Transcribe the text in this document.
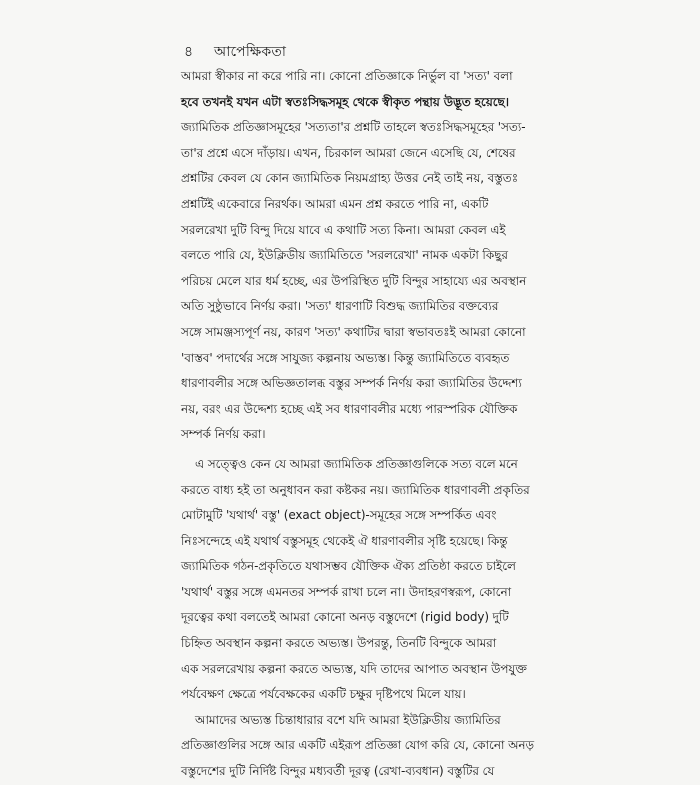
৪ আপেক্ষিকতা
আমরা স্বীকার না করে পারি না। কোনো প্রতিজ্ঞাকে নির্ভুল বা 'সত্য' বলা
হবে তখনই যখন এটা স্বতঃসিদ্ধসমূহ থেকে স্বীকৃত পন্থায় উদ্ভূত হয়েছে।
জ্যামিতিক প্রতিজ্ঞাসমূহের 'সত্যতা'র প্রশ্নটি তাহলে স্বতঃসিদ্ধসমূহের 'সত্য-
তা'র প্রশ্নে এসে দাঁড়ায়। এখন, চিরকাল আমরা জেনে এসেছি যে, শেষের
প্রশ্নটির কেবল যে কোন জ্যামিতিক নিয়মগ্রাহ্য উত্তর নেই তাই নয়, বস্তুতঃ
প্রশ্নটিই একেবারে নিরর্থক। আমরা এমন প্রশ্ন করতে পারি না, একটি
সরলরেখা দুটি বিন্দু দিয়ে যাবে এ কথাটি সত্য কিনা। আমরা কেবল এই
বলতে পারি যে, ইউক্লিডীয় জ্যামিতিতে 'সরলরেখা' নামক একটা কিছুর
পরিচয় মেলে যার ধর্ম হচ্ছে, এর উপরিস্থিত দুটি বিন্দুর সাহায্যে এর অবস্থান
অতি সুষ্ঠুভাবে নির্ণয় করা। 'সত্য' ধারণাটি বিশুদ্ধ জ্যামিতির বক্তব্যের
সঙ্গে সামঞ্জস্যপূর্ণ নয়, কারণ 'সত্য' কথাটির দ্বারা স্বভাবতঃই আমরা কোনো
'বাস্তব' পদার্থের সঙ্গে সাযুজ্য কল্পনায় অভ্যস্ত। কিন্তু জ্যামিতিতে ব্যবহৃত
ধারণাবলীর সঙ্গে অভিজ্ঞতালব্ধ বস্তুর সম্পর্ক নির্ণয় করা জ্যামিতির উদ্দেশ্য
নয়, বরং এর উদ্দেশ্য হচ্ছে এই সব ধারণাবলীর মধ্যে পারস্পরিক যৌক্তিক
সম্পর্ক নির্ণয় করা।
এ সত্ত্বেও কেন যে আমরা জ্যামিতিক প্রতিজ্ঞাগুলিকে সত্য বলে মনে
করতে বাধ্য হই তা অনুধাবন করা কষ্টকর নয়। জ্যামিতিক ধারণাবলী প্রকৃতির
মোটামুটি 'যথার্থ' বস্তু' (exact object)-সমূহের সঙ্গে সম্পর্কিত এবং
নিঃসন্দেহে এই যথার্থ বস্তুসমূহ থেকেই ঐ ধারণাবলীর সৃষ্টি হয়েছে। কিন্তু
জ্যামিতিক গঠন-প্রকৃতিতে যথাসম্ভব যৌক্তিক ঐক্য প্রতিষ্ঠা করতে চাইলে
'যথার্থ' বস্তুর সঙ্গে এমনতর সম্পর্ক রাখা চলে না। উদাহরণস্বরূপ, কোনো
দূরত্বের কথা বলতেই আমরা কোনো অনড় বস্তুদেশে (rigid body) দুটি
চিহ্নিত অবস্থান কল্পনা করতে অভ্যস্ত। উপরন্তু, তিনটি বিন্দুকে আমরা
এক সরলরেখায় কল্পনা করতে অভ্যস্ত, যদি তাদের আপাত অবস্থান উপযুক্ত
পর্যবেক্ষণ ক্ষেত্রে পর্যবেক্ষকের একটি চক্ষুর দৃষ্টিপথে মিলে যায়।
আমাদের অভ্যস্ত চিন্তাধারার বশে যদি আমরা ইউক্লিডীয় জ্যামিতির
প্রতিজ্ঞাগুলির সঙ্গে আর একটি এইরূপ প্রতিজ্ঞা যোগ করি যে, কোনো অনড়
বস্তুদেশের দুটি নির্দিষ্ট বিন্দুর মধ্যবর্তী দূরত্ব (রেখা-ব্যবধান) বস্তুটির যে
